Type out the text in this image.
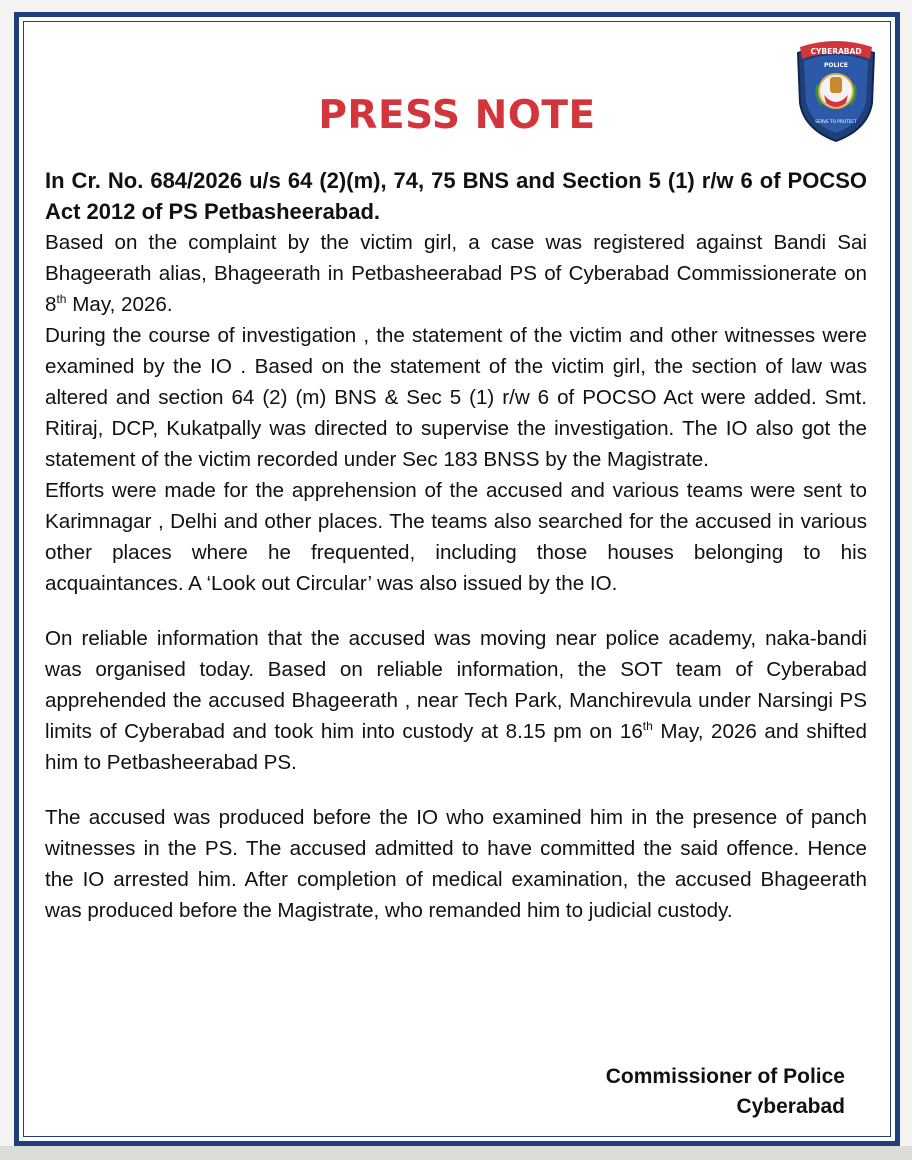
CYBERABAD
POLICE
SERVE TO PROTECT
PRESS NOTE

In Cr. No. 684/2026 u/s 64 (2)(m), 74, 75 BNS and Section 5 (1) r/w 6 of POCSO Act 2012 of PS Petbasheerabad.

Based on the complaint by the victim girl, a case was registered against Bandi Sai Bhageerath alias, Bhageerath in Petbasheerabad PS of Cyberabad Commissionerate on 8th May, 2026.

During the course of investigation , the statement of the victim and other witnesses were examined by the IO . Based on the statement of the victim girl, the section of law was altered and section 64 (2) (m) BNS & Sec 5 (1) r/w 6 of POCSO Act were added. Smt. Ritiraj, DCP, Kukatpally was directed to supervise the investigation. The IO also got the statement of the victim recorded under Sec 183 BNSS by the Magistrate.

Efforts were made for the apprehension of the accused and various teams were sent to Karimnagar , Delhi and other places. The teams also searched for the accused in various other places where he frequented, including those houses belonging to his acquaintances. A ‘Look out Circular’ was also issued by the IO.

On reliable information that the accused was moving near police academy, naka-bandi was organised today. Based on reliable information, the SOT team of Cyberabad apprehended the accused Bhageerath , near Tech Park, Manchirevula under Narsingi PS limits of Cyberabad and took him into custody at 8.15 pm on 16th May, 2026 and shifted him to Petbasheerabad PS.

The accused was produced before the IO who examined him in the presence of panch witnesses in the PS. The accused admitted to have committed the said offence. Hence the IO arrested him. After completion of medical examination, the accused Bhageerath was produced before the Magistrate, who remanded him to judicial custody.

Commissioner of Police
Cyberabad
